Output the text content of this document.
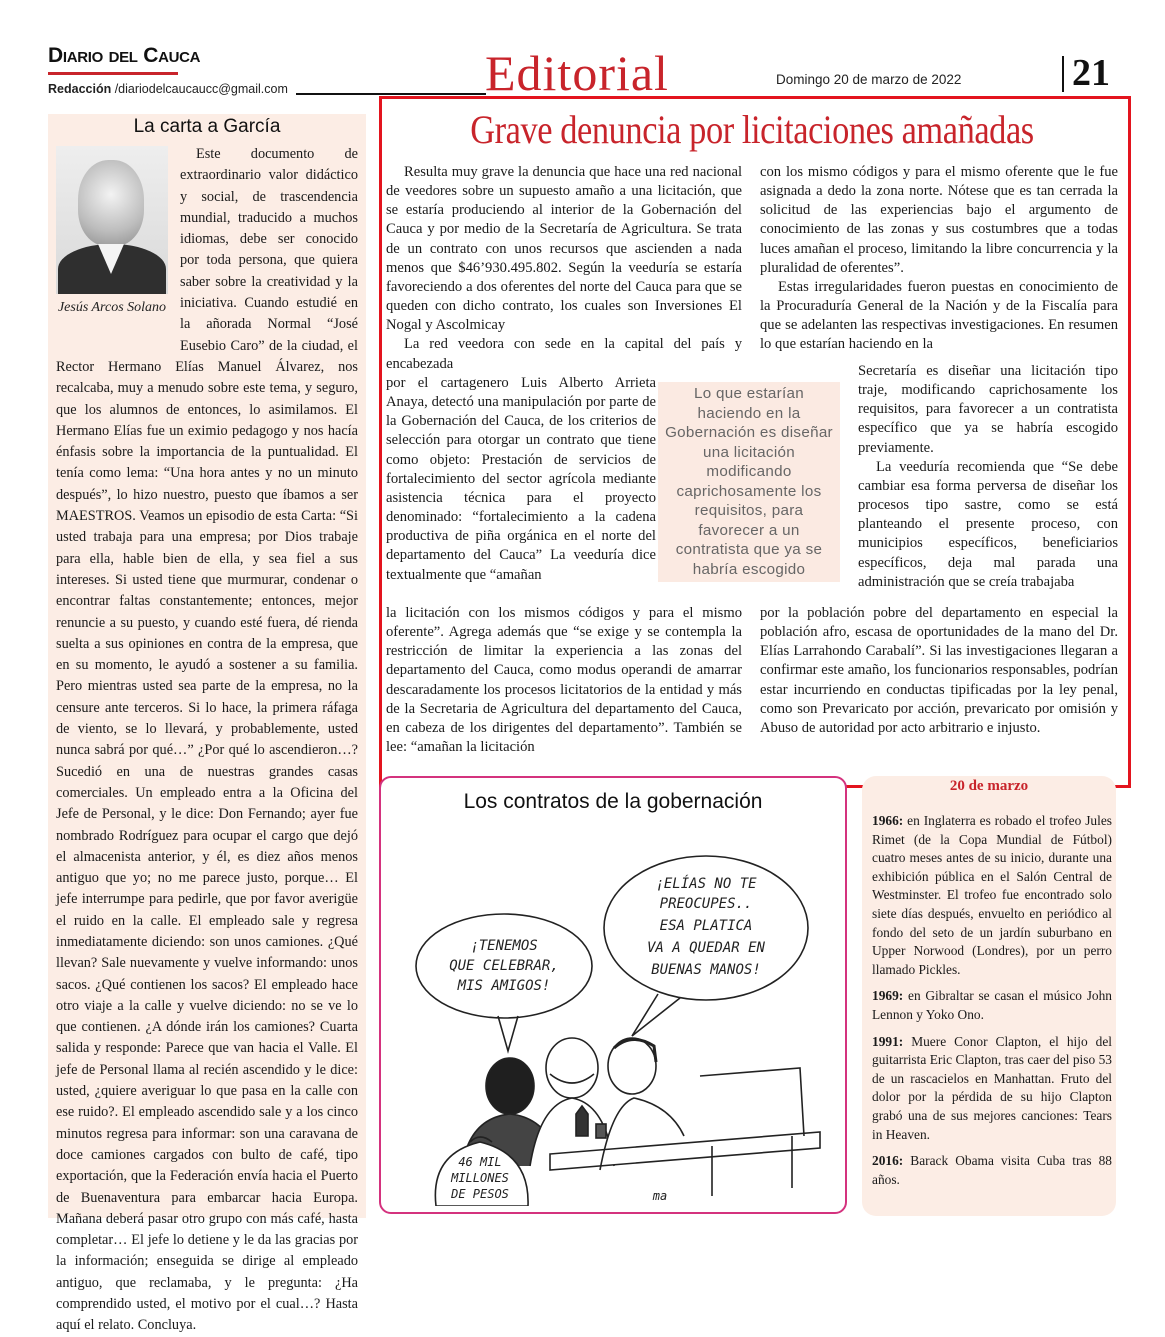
Diario del Cauca
Redacción /diariodelcaucaucc@gmail.com	Editorial	Domingo 20 de marzo de 2022	21
La carta a García
Jesús Arcos Solano

Este documento de extraordinario valor didáctico y social, de trascendencia mundial, traducido a muchos idiomas, debe ser conocido por toda persona, que quiera saber sobre la creatividad y la iniciativa. Cuando estudié en la añorada Normal “José Eusebio Caro” de la ciudad, el Rector Hermano Elías Manuel Álvarez, nos recalcaba, muy a menudo sobre este tema, y seguro, que los alumnos de entonces, lo asimilamos. El Hermano Elías fue un eximio pedagogo y nos hacía énfasis sobre la importancia de la puntualidad. El tenía como lema: “Una hora antes y no un minuto después”, lo hizo nuestro, puesto que íbamos a ser MAESTROS. Veamos un episodio de esta Carta: “Si usted trabaja para una empresa; por Dios trabaje para ella, hable bien de ella, y sea fiel a sus intereses. Si usted tiene que murmurar, condenar o encontrar faltas constantemente; entonces, mejor renuncie a su puesto, y cuando esté fuera, dé rienda suelta a sus opiniones en contra de la empresa, que en su momento, le ayudó a sostener a su familia. Pero mientras usted sea parte de la empresa, no la censure ante terceros. Si lo hace, la primera ráfaga de viento, se lo llevará, y probablemente, usted nunca sabrá por qué…” ¿Por qué lo ascendieron…? Sucedió en una de nuestras grandes casas comerciales. Un empleado entra a la Oficina del Jefe de Personal, y le dice: Don Fernando; ayer fue nombrado Rodríguez para ocupar el cargo que dejó el almacenista anterior, y él, es diez años menos antiguo que yo; no me parece justo, porque… El jefe interrumpe para pedirle, que por favor averigüe el ruido en la calle. El empleado sale y regresa inmediatamente diciendo: son unos camiones. ¿Qué llevan? Sale nuevamente y vuelve informando: unos sacos. ¿Qué contienen los sacos? El empleado hace otro viaje a la calle y vuelve diciendo: no se ve lo que contienen. ¿A dónde irán los camiones? Cuarta salida y responde: Parece que van hacia el Valle. El jefe de Personal llama al recién ascendido y le dice: usted, ¿quiere averiguar lo que pasa en la calle con ese ruido?. El empleado ascendido sale y a los cinco minutos regresa para informar: son una caravana de doce camiones cargados con bulto de café, tipo exportación, que la Federación envía hacia el Puerto de Buenaventura para embarcar hacia Europa. Mañana deberá pasar otro grupo con más café, hasta completar… El jefe lo detiene y le da las gracias por la información; enseguida se dirige al empleado antiguo, que reclamaba, y le pregunta: ¿Ha comprendido usted, el motivo por el cual…? Hasta aquí el relato. Concluya.

Grave denuncia por licitaciones amañadas

Resulta muy grave la denuncia que hace una red nacional de veedores sobre un supuesto amaño a una licitación, que se estaría produciendo al interior de la Gobernación del Cauca y por medio de la Secretaría de Agricultura. Se trata de un contrato con unos recursos que ascienden a nada menos que $46’930.495.802. Según la veeduría se estaría favoreciendo a dos oferentes del norte del Cauca para que se queden con dicho contrato, los cuales son Inversiones El Nogal y Ascolmicay

La red veedora con sede en la capital del país y encabezada

por el cartagenero Luis Alberto Arrieta Anaya, detectó una manipulación por parte de la Gobernación del Cauca, de los criterios de selección para otorgar un contrato que tiene como objeto: Prestación de servicios de fortalecimiento del sector agrícola mediante asistencia técnica para el proyecto denominado: “fortalecimiento a la cadena productiva de piña orgánica en el norte del departamento del Cauca” La veeduría dice textualmente que “amañan

la licitación con los mismos códigos y para el mismo oferente”. Agrega además que “se exige y se contempla la restricción de limitar la experiencia a las zonas del departamento del Cauca, como modus operandi de amarrar descaradamente los procesos licitatorios de la entidad y más de la Secretaria de Agricultura del departamento del Cauca, en cabeza de los dirigentes del departamento”. También se lee: “amañan la licitación

con los mismo códigos y para el mismo oferente que le fue asignada a dedo la zona norte. Nótese que es tan cerrada la solicitud de las experiencias bajo el argumento de conocimiento de las zonas y sus costumbres que a todas luces amañan el proceso, limitando la libre concurrencia y la pluralidad de oferentes”.

Estas irregularidades fueron puestas en conocimiento de la Procuraduría General de la Nación y de la Fiscalía para que se adelanten las respectivas investigaciones. En resumen lo que estarían haciendo en la

Secretaría es diseñar una licitación tipo traje, modificando caprichosamente los requisitos, para favorecer a un contratista específico que ya se habría escogido previamente.

La veeduría recomienda que “Se debe cambiar esa forma perversa de diseñar los procesos tipo sastre, como se está planteando el presente proceso, con municipios específicos, beneficiarios específicos, deja mal parada una administración que se creía trabajaba

por la población pobre del departamento en especial la población afro, escasa de oportunidades de la mano del Dr. Elías Larrahondo Carabalí”. Si las investigaciones llegaran a confirmar este amaño, los funcionarios responsables, podrían estar incurriendo en conductas tipificadas por la ley penal, como son Prevaricato por acción, prevaricato por omisión y Abuso de autoridad por acto arbitrario e injusto.

Lo que estarían haciendo en la Gobernación es diseñar una licitación modificando caprichosamente los requisitos, para favorecer a un contratista que ya se habría escogido
Los contratos de la gobernación
¡TENEMOS
QUE CELEBRAR,
MIS AMIGOS!
¡ELÍAS NO TE
PREOCUPES..
ESA PLATICA
VA A QUEDAR EN
BUENAS MANOS!
46 MIL
MILLONES
DE PESOS	ma
20 de marzo

1966: en Inglaterra es robado el trofeo Jules Rimet (de la Copa Mundial de Fútbol) cuatro meses antes de su inicio, durante una exhibición pública en el Salón Central de Westminster. El trofeo fue encontrado solo siete días después, envuelto en periódico al fondo del seto de un jardín suburbano en Upper Norwood (Londres), por un perro llamado Pickles.

1969: en Gibraltar se casan el músico John Lennon y Yoko Ono.

1991: Muere Conor Clapton, el hijo del guitarrista Eric Clapton, tras caer del piso 53 de un rascacielos en Manhattan. Fruto del dolor por la pérdida de su hijo Clapton grabó una de sus mejores canciones: Tears in Heaven.

2016: Barack Obama visita Cuba tras 88 años.
